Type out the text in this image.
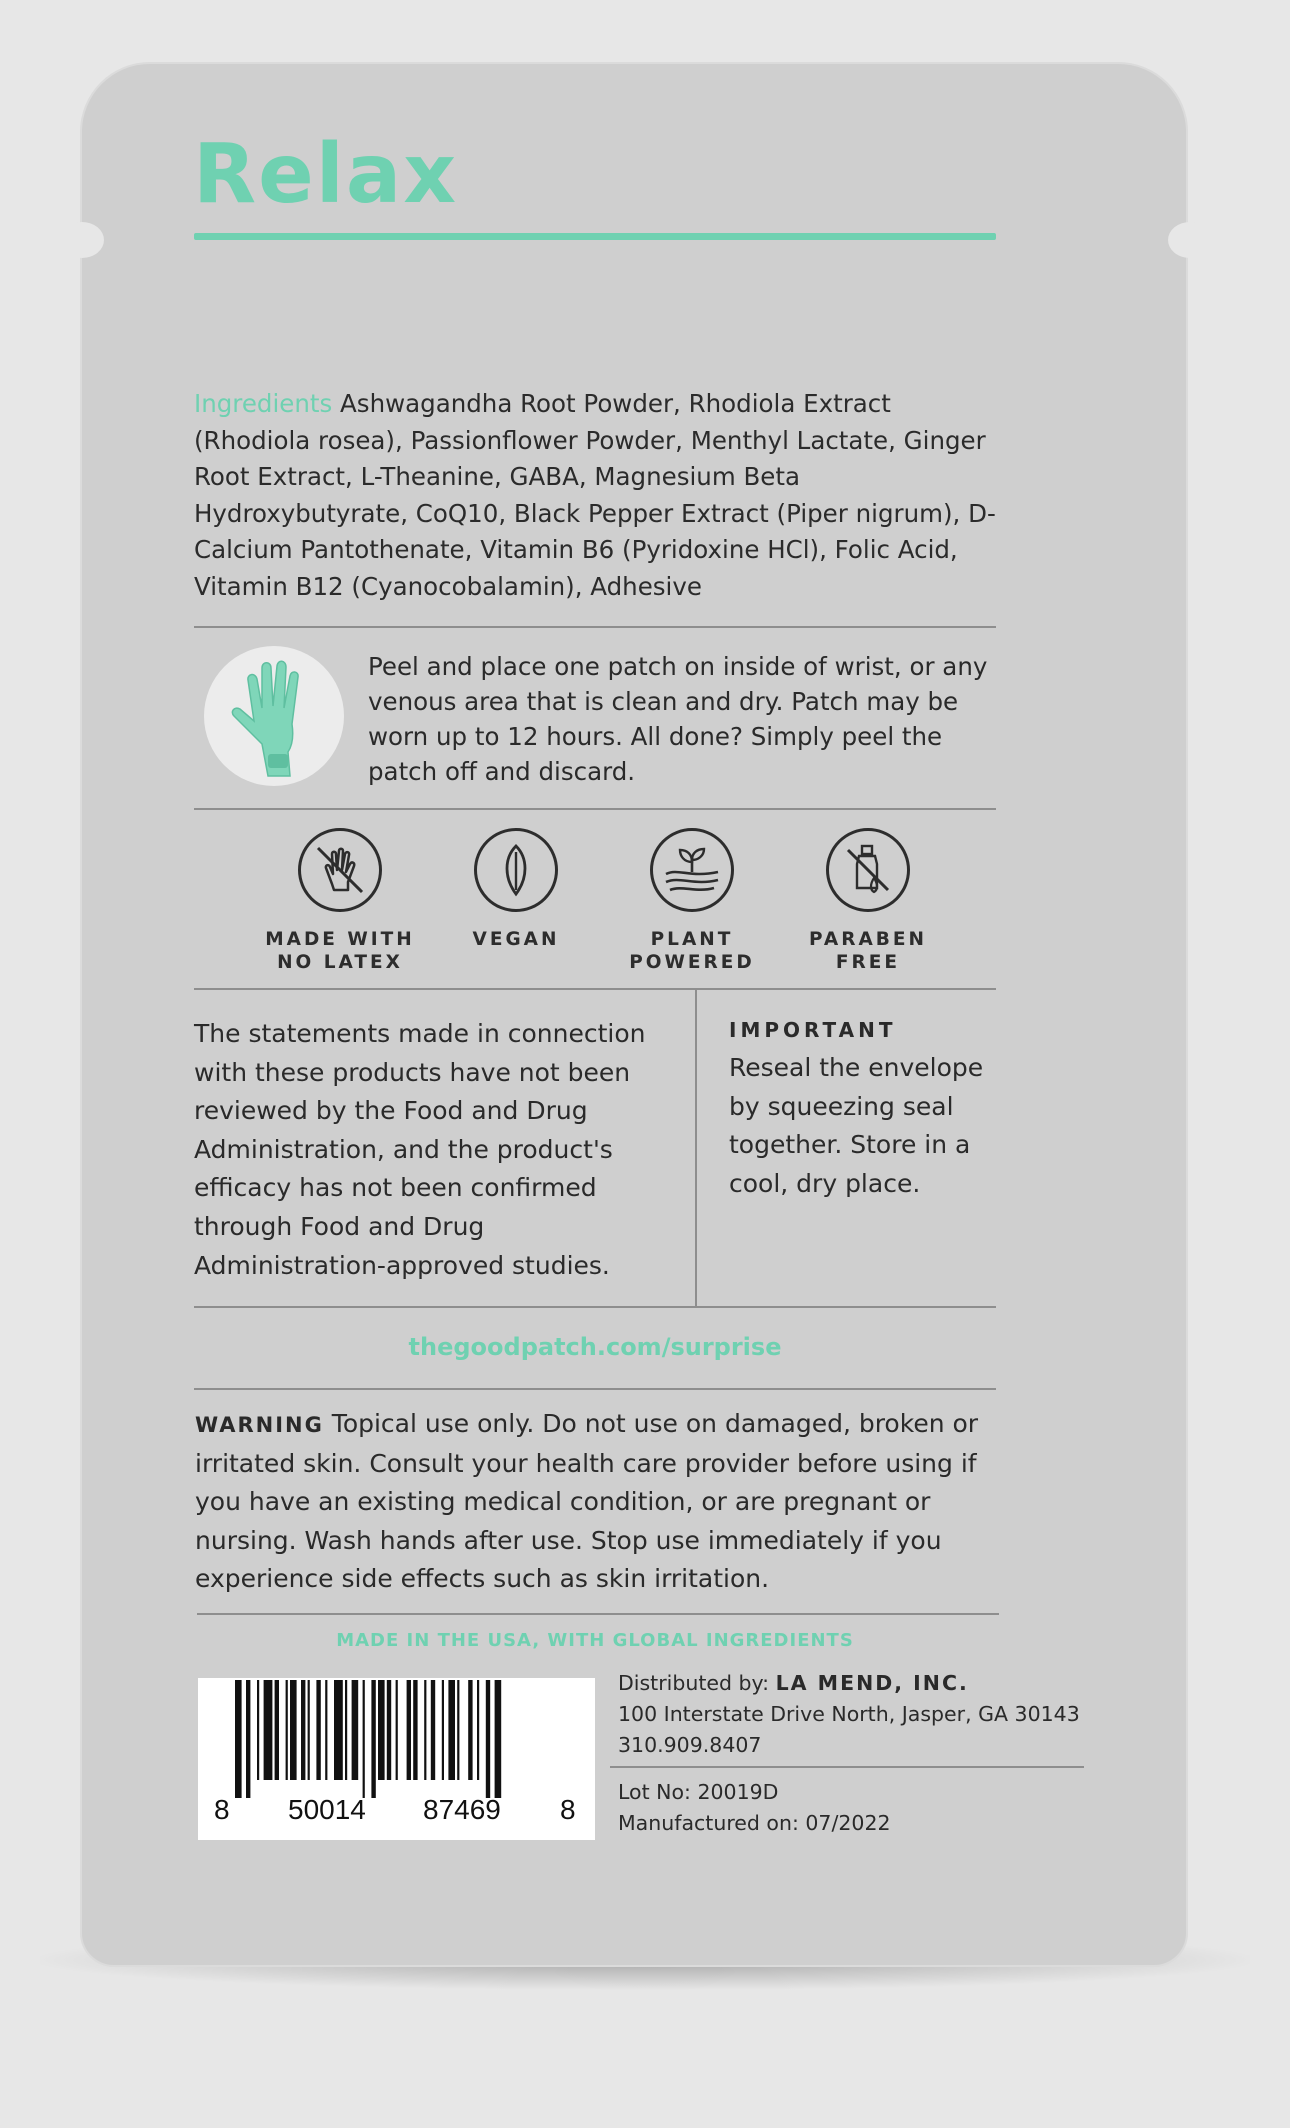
Relax
Ingredients Ashwagandha Root Powder, Rhodiola Extract (Rhodiola rosea), Passionflower Powder, Menthyl Lactate, Ginger Root Extract, L-Theanine, GABA, Magnesium Beta Hydroxybutyrate, CoQ10, Black Pepper Extract (Piper nigrum), D-Calcium Pantothenate, Vitamin B6 (Pyridoxine HCl), Folic Acid, Vitamin B12 (Cyanocobalamin), Adhesive
Peel and place one patch on inside of wrist, or any venous area that is clean and dry. Patch may be worn up to 12 hours. All done? Simply peel the patch off and discard.
MADE WITH
NO LATEX
VEGAN	PLANT
POWERED
PARABEN
FREE
The statements made in connection with these products have not been reviewed by the Food and Drug Administration, and the product's efficacy has not been confirmed through Food and Drug Administration-approved studies.
IMPORTANT
Reseal the envelope by squeezing seal together. Store in a cool, dry place.
thegoodpatch.com/surprise
WARNING Topical use only. Do not use on damaged, broken or irritated skin. Consult your health care provider before using if you have an existing medical condition, or are pregnant or nursing. Wash hands after use. Stop use immediately if you experience side effects such as skin irritation.
MADE IN THE USA, WITH GLOBAL INGREDIENTS
8 50014 87469 8
Distributed by: LA MEND, INC.
100 Interstate Drive North, Jasper, GA 30143
310.909.8407
Lot No: 20019D
Manufactured on: 07/2022
